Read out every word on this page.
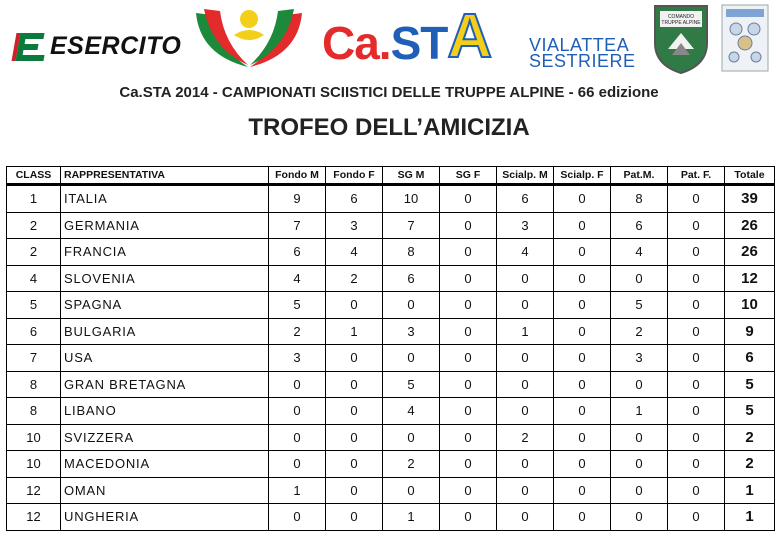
ESERCITO	Ca.STA VIALATTEA
SESTRIERE
COMANDO
TRUPPE ALPINE
Ca.STA 2014 - CAMPIONATI SCIISTICI DELLE TRUPPE ALPINE - 66 edizione
TROFEO DELL’AMICIZIA
CLASS	RAPPRESENTATIVA	Fondo M	Fondo F	SG M	SG F	Scialp. M	Scialp. F	Pat.M.	Pat. F.	Totale
1	ITALIA	9	6	10	0	6	0	8	0	39
2	GERMANIA	7	3	7	0	3	0	6	0	26
2	FRANCIA	6	4	8	0	4	0	4	0	26
4	SLOVENIA	4	2	6	0	0	0	0	0	12
5	SPAGNA	5	0	0	0	0	0	5	0	10
6	BULGARIA	2	1	3	0	1	0	2	0	9
7	USA	3	0	0	0	0	0	3	0	6
8	GRAN BRETAGNA	0	0	5	0	0	0	0	0	5
8	LIBANO	0	0	4	0	0	0	1	0	5
10	SVIZZERA	0	0	0	0	2	0	0	0	2
10	MACEDONIA	0	0	2	0	0	0	0	0	2
12	OMAN	1	0	0	0	0	0	0	0	1
12	UNGHERIA	0	0	1	0	0	0	0	0	1
